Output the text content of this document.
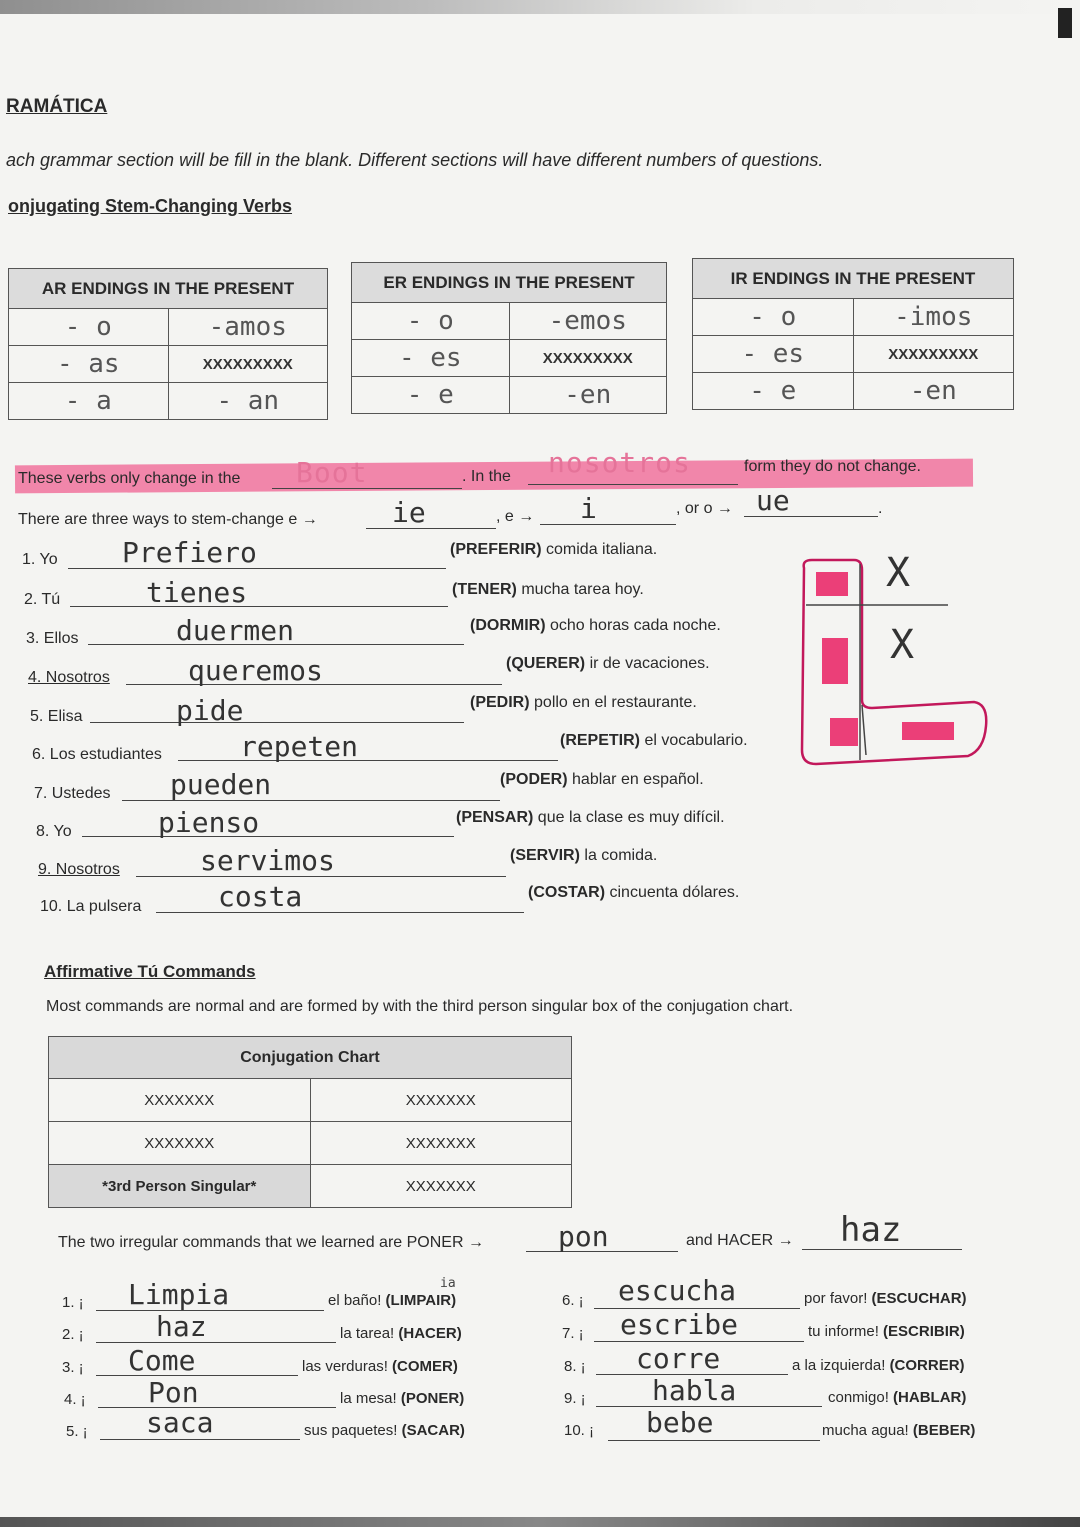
RAMÁTICA
ach grammar section will be fill in the blank. Different sections will have different numbers of questions.
onjugating Stem-Changing Verbs
AR ENDINGS IN THE PRESENT	
- o	-amos
- as	XXXXXXXXX
- a	- an
ER ENDINGS IN THE PRESENT	
- o	-emos
- es	XXXXXXXXX
- e	-en
IR ENDINGS IN THE PRESENT	
- o	-imos
- es	XXXXXXXXX
- e	-en
These verbs only change in the Boot	. In the nosotros	form they do not change.
There are three ways to stem-change e →	ie	, e → i	, or o → ue	.
1. Yo Prefiero	(PREFERIR) comida italiana.
2. Tú	tienes	(TENER) mucha tarea hoy.
3. Ellos	duermen	(DORMIR) ocho horas cada noche.
4. Nosotros	queremos	(QUERER) ir de vacaciones.
5. Elisa	pide	(PEDIR) pollo en el restaurante.
6. Los estudiantes	repeten	(REPETIR) el vocabulario.
7. Ustedes pueden	(PODER) hablar en español.
8. Yo	pienso	(PENSAR) que la clase es muy difícil.
9. Nosotros	servimos	(SERVIR) la comida.
10. La pulsera	costa	(COSTAR) cincuenta dólares.
X
X
Affirmative Tú Commands
Most commands are normal and are formed by with the third person singular box of the conjugation chart.
Conjugation Chart	
XXXXXXX	XXXXXXX
XXXXXXX	XXXXXXX
*3rd Person Singular*	XXXXXXX
The two irregular commands that we learned are PONER →	pon	and HACER → haz
1. ¡ Limpia	ia
el baño! (LIMPAIR)
2. ¡	haz	la tarea! (HACER)
3. ¡ Come	las verduras! (COMER)
4. ¡ Pon	la mesa! (PONER)
5. ¡ saca	sus paquetes! (SACAR)
6. ¡ escucha	por favor! (ESCUCHAR)
7. ¡ escribe	tu informe! (ESCRIBIR)
8. ¡ corre	a la izquierda! (CORRER)
9. ¡ habla	conmigo! (HABLAR)
10. ¡ bebe	mucha agua! (BEBER)
